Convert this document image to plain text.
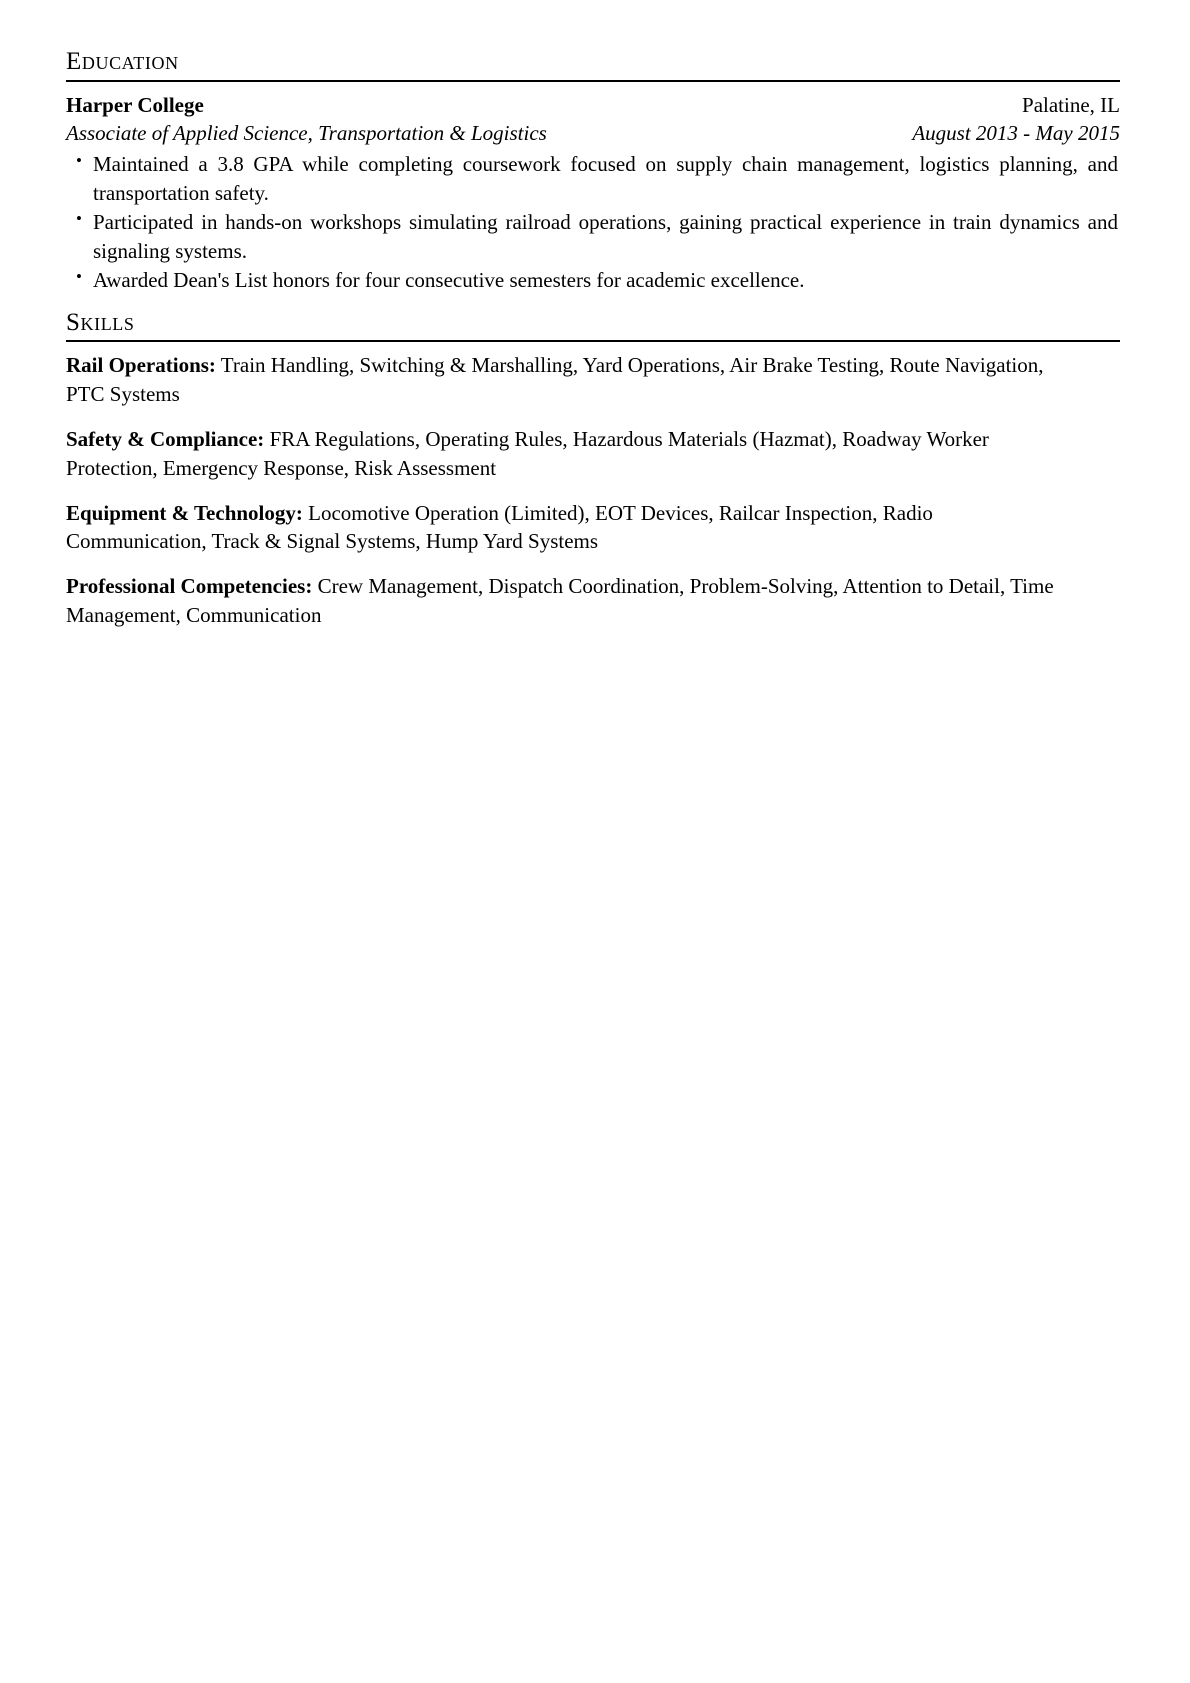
Education
Harper College	Palatine, IL
Associate of Applied Science, Transportation & Logistics	August 2013 - May 2015
• Maintained a 3.8 GPA while completing coursework focused on supply chain management, logistics planning, and transportation safety.
• Participated in hands-on workshops simulating railroad operations, gaining practical experience in train dynamics and signaling systems.
• Awarded Dean's List honors for four consecutive semesters for academic excellence.
Skills

Rail Operations: Train Handling, Switching & Marshalling, Yard Operations, Air Brake Testing, Route Navigation, PTC Systems

Safety & Compliance: FRA Regulations, Operating Rules, Hazardous Materials (Hazmat), Roadway Worker Protection, Emergency Response, Risk Assessment

Equipment & Technology: Locomotive Operation (Limited), EOT Devices, Railcar Inspection, Radio Communication, Track & Signal Systems, Hump Yard Systems

Professional Competencies: Crew Management, Dispatch Coordination, Problem-Solving, Attention to Detail, Time Management, Communication
